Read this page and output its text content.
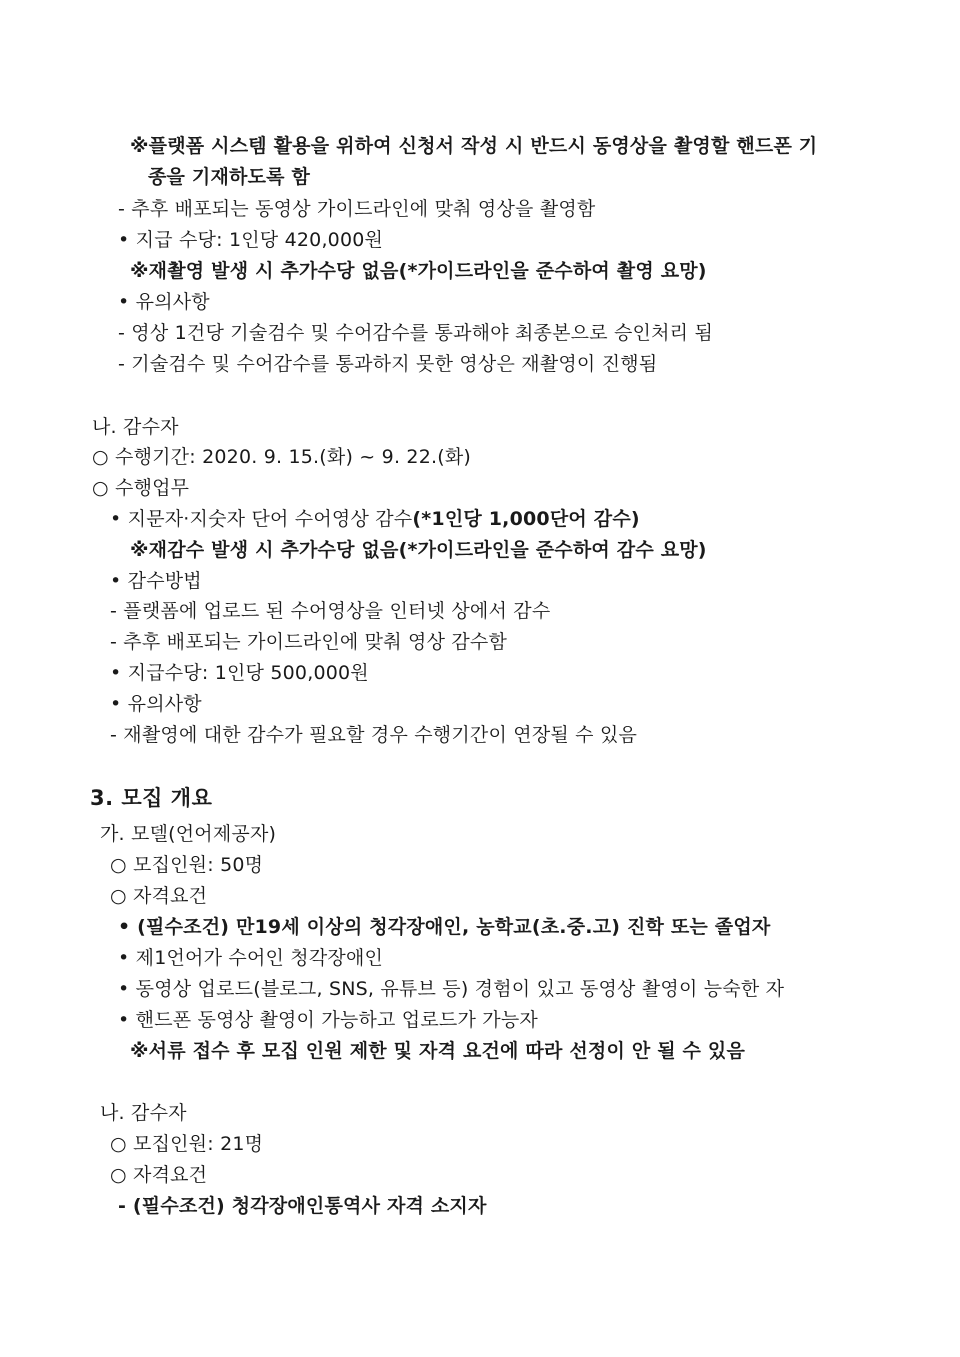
※플랫폼 시스템 활용을 위하여 신청서 작성 시 반드시 동영상을 촬영할 핸드폰 기
종을 기재하도록 함
- 추후 배포되는 동영상 가이드라인에 맞춰 영상을 촬영함
• 지급 수당: 1인당 420,000원
※재촬영 발생 시 추가수당 없음(*가이드라인을 준수하여 촬영 요망)
• 유의사항
- 영상 1건당 기술검수 및 수어감수를 통과해야 최종본으로 승인처리 됨
- 기술검수 및 수어감수를 통과하지 못한 영상은 재촬영이 진행됨
나. 감수자
○ 수행기간: 2020. 9. 15.(화) ~ 9. 22.(화)
○ 수행업무
• 지문자·지숫자 단어 수어영상 감수(*1인당 1,000단어 감수)
※재감수 발생 시 추가수당 없음(*가이드라인을 준수하여 감수 요망)
• 감수방법
- 플랫폼에 업로드 된 수어영상을 인터넷 상에서 감수
- 추후 배포되는 가이드라인에 맞춰 영상 감수함
• 지급수당: 1인당 500,000원
• 유의사항
- 재촬영에 대한 감수가 필요할 경우 수행기간이 연장될 수 있음
3. 모집 개요
가. 모델(언어제공자)
○ 모집인원: 50명
○ 자격요건
• (필수조건) 만19세 이상의 청각장애인, 농학교(초.중.고) 진학 또는 졸업자
• 제1언어가 수어인 청각장애인
• 동영상 업로드(블로그, SNS, 유튜브 등) 경험이 있고 동영상 촬영이 능숙한 자
• 핸드폰 동영상 촬영이 가능하고 업로드가 가능자
※서류 접수 후 모집 인원 제한 및 자격 요건에 따라 선정이 안 될 수 있음
나. 감수자
○ 모집인원: 21명
○ 자격요건
- (필수조건) 청각장애인통역사 자격 소지자
